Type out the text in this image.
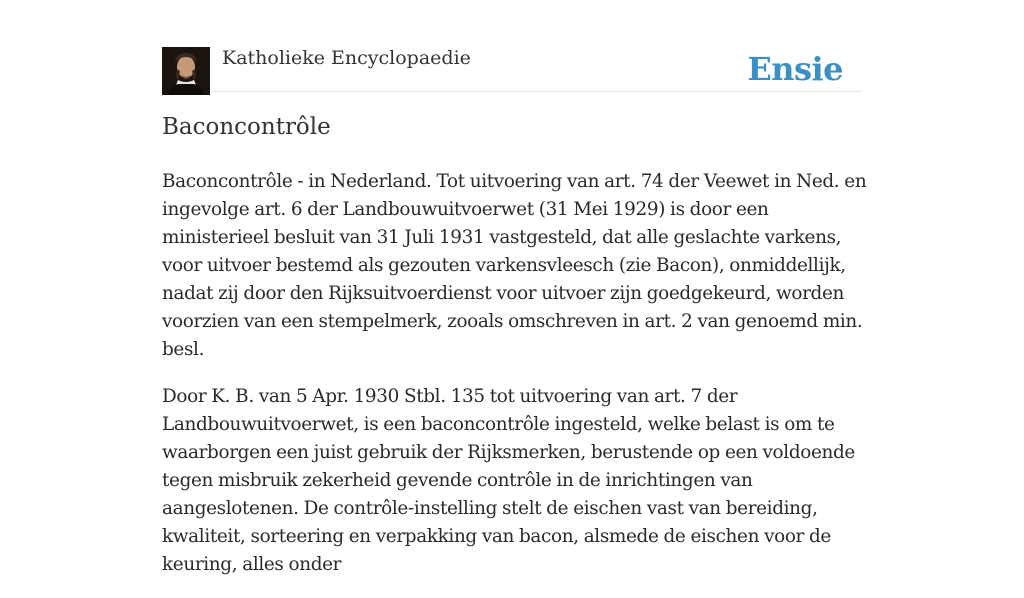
Katholieke Encyclopaedie	Ensie
Baconcontrôle

Baconcontrôle - in Nederland. Tot uitvoering van art. 74 der Veewet in Ned. en ingevolge art. 6 der Landbouwuitvoerwet (31 Mei 1929) is door een ministerieel besluit van 31 Juli 1931 vastgesteld, dat alle geslachte varkens, voor uitvoer bestemd als gezouten varkensvleesch (zie Bacon), onmiddellijk, nadat zij door den Rijksuitvoerdienst voor uitvoer zijn goedgekeurd, worden voorzien van een stempelmerk, zooals omschreven in art. 2 van genoemd min. besl.

Door K. B. van 5 Apr. 1930 Stbl. 135 tot uitvoering van art. 7 der Landbouwuitvoerwet, is een baconcontrôle ingesteld, welke belast is om te waarborgen een juist gebruik der Rijksmerken, berustende op een voldoende tegen misbruik zekerheid gevende contrôle in de inrichtingen van aangeslotenen. De contrôle-instelling stelt de eischen vast van bereiding, kwaliteit, sorteering en verpakking van bacon, alsmede de eischen voor de keuring, alles onder
